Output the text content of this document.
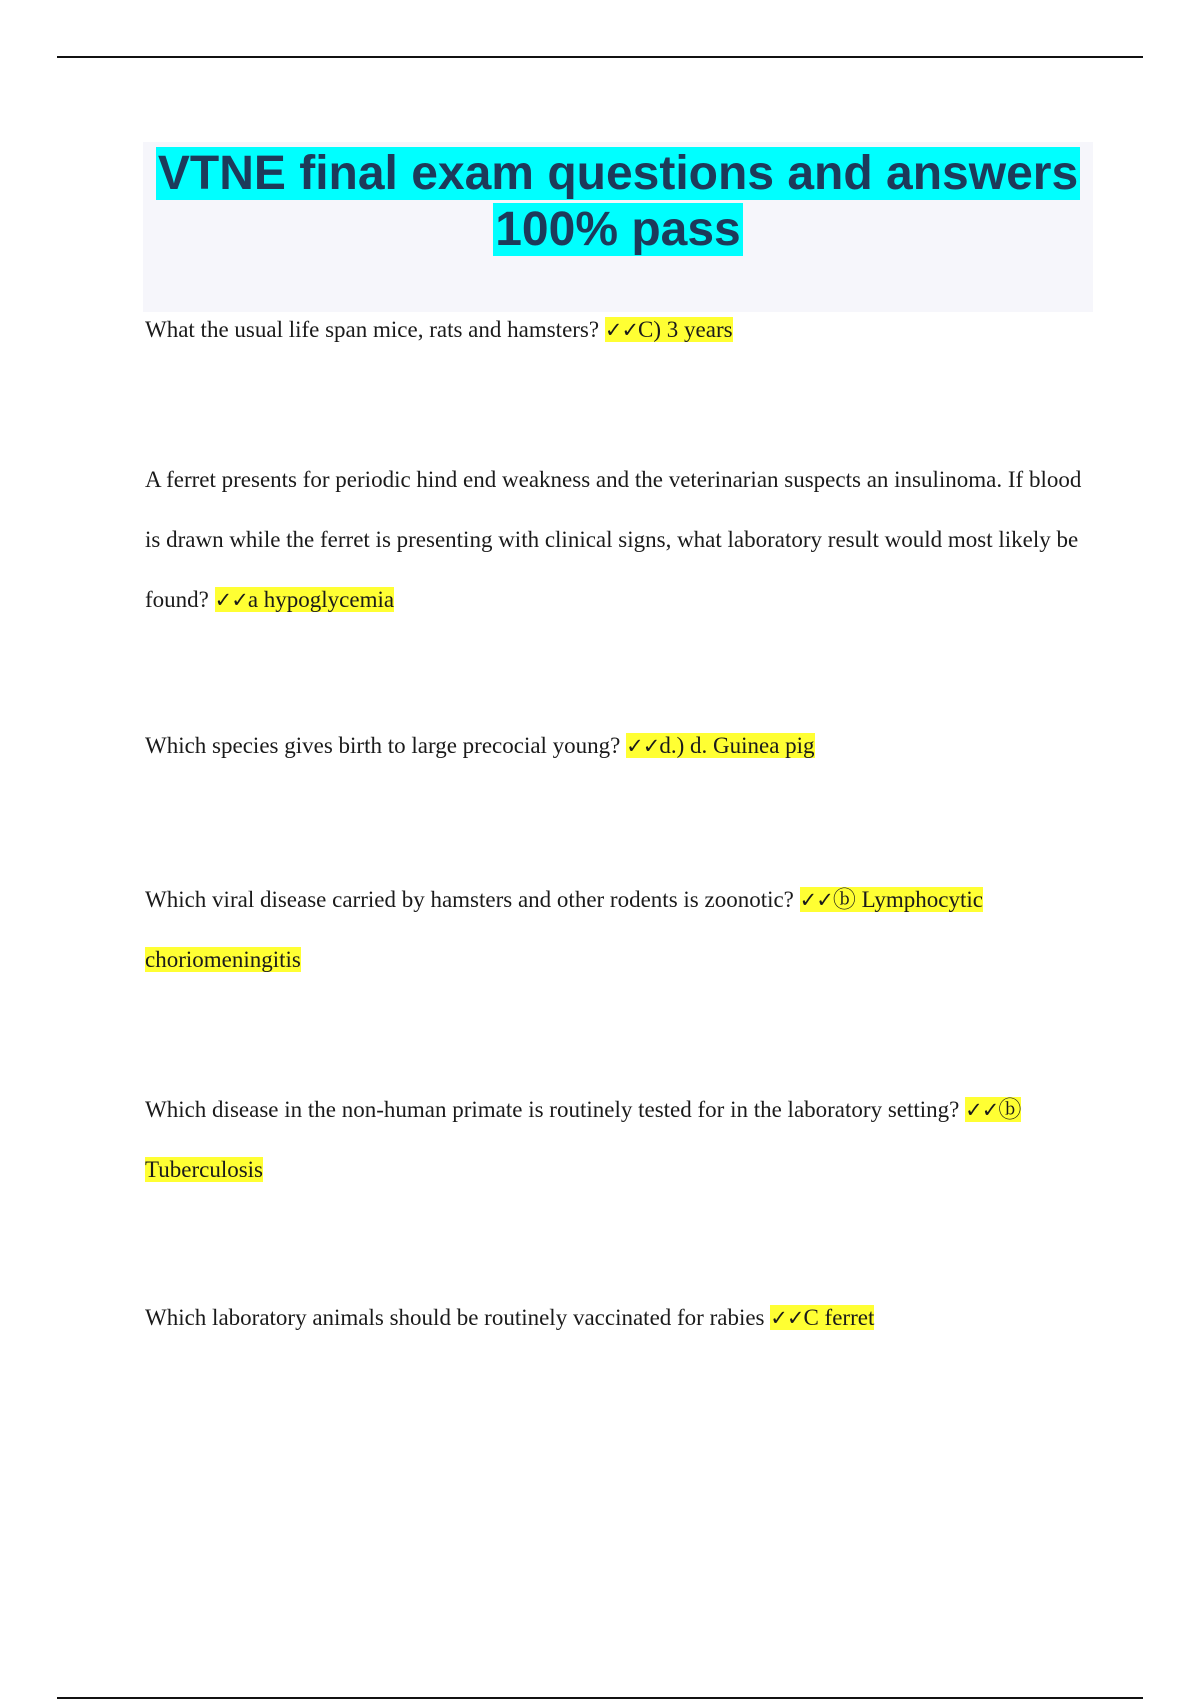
VTNE final exam questions and answers
100% pass

What the usual life span mice, rats and hamsters? ✓✓C) 3 years

A ferret presents for periodic hind end weakness and the veterinarian suspects an insulinoma. If blood is drawn while the ferret is presenting with clinical signs, what laboratory result would most likely be found? ✓✓a hypoglycemia

Which species gives birth to large precocial young? ✓✓d.) d. Guinea pig

Which viral disease carried by hamsters and other rodents is zoonotic? ✓✓ⓑ Lymphocytic choriomeningitis

Which disease in the non-human primate is routinely tested for in the laboratory setting? ✓✓ⓑ Tuberculosis

Which laboratory animals should be routinely vaccinated for rabies ✓✓C ferret
